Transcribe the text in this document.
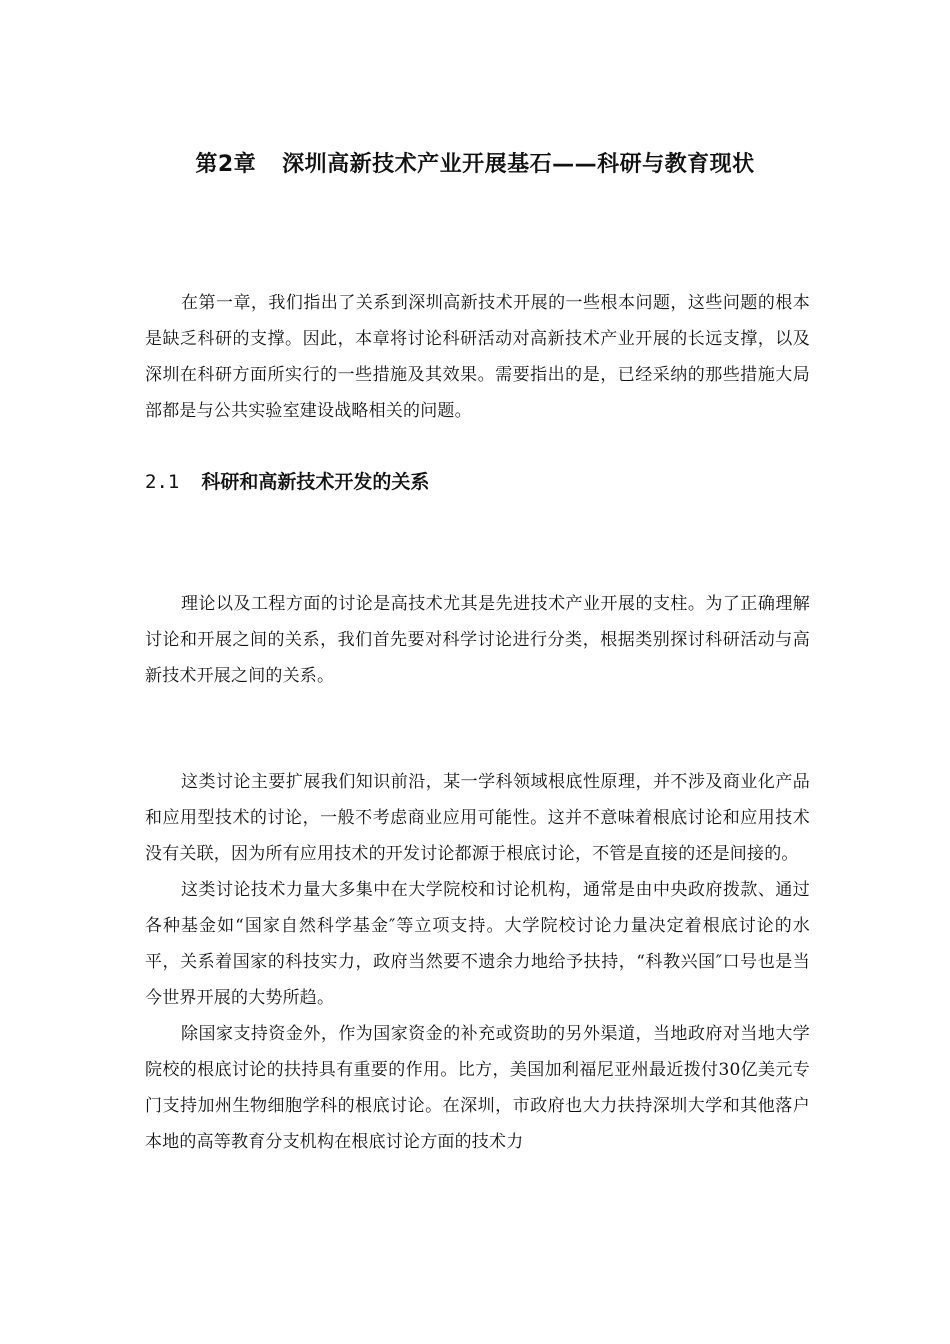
第2章 深圳高新技术产业开展基石——科研与教育现状

在第一章，我们指出了关系到深圳高新技术开展的一些根本问题，这些问题的根本是缺乏科研的支撑。因此，本章将讨论科研活动对高新技术产业开展的长远支撑，以及深圳在科研方面所实行的一些措施及其效果。需要指出的是，已经采纳的那些措施大局部都是与公共实验室建设战略相关的问题。

2.1 科研和高新技术开发的关系

理论以及工程方面的讨论是高技术尤其是先进技术产业开展的支柱。为了正确理解讨论和开展之间的关系，我们首先要对科学讨论进行分类，根据类别探讨科研活动与高新技术开展之间的关系。

这类讨论主要扩展我们知识前沿，某一学科领域根底性原理，并不涉及商业化产品和应用型技术的讨论，一般不考虑商业应用可能性。这并不意味着根底讨论和应用技术没有关联，因为所有应用技术的开发讨论都源于根底讨论，不管是直接的还是间接的。

这类讨论技术力量大多集中在大学院校和讨论机构，通常是由中央政府拨款、通过各种基金如“国家自然科学基金″等立项支持。大学院校讨论力量决定着根底讨论的水平，关系着国家的科技实力，政府当然要不遗余力地给予扶持，“科教兴国″口号也是当今世界开展的大势所趋。

除国家支持资金外，作为国家资金的补充或资助的另外渠道，当地政府对当地大学院校的根底讨论的扶持具有重要的作用。比方，美国加利福尼亚州最近拨付30亿美元专门支持加州生物细胞学科的根底讨论。在深圳，市政府也大力扶持深圳大学和其他落户本地的高等教育分支机构在根底讨论方面的技术力
